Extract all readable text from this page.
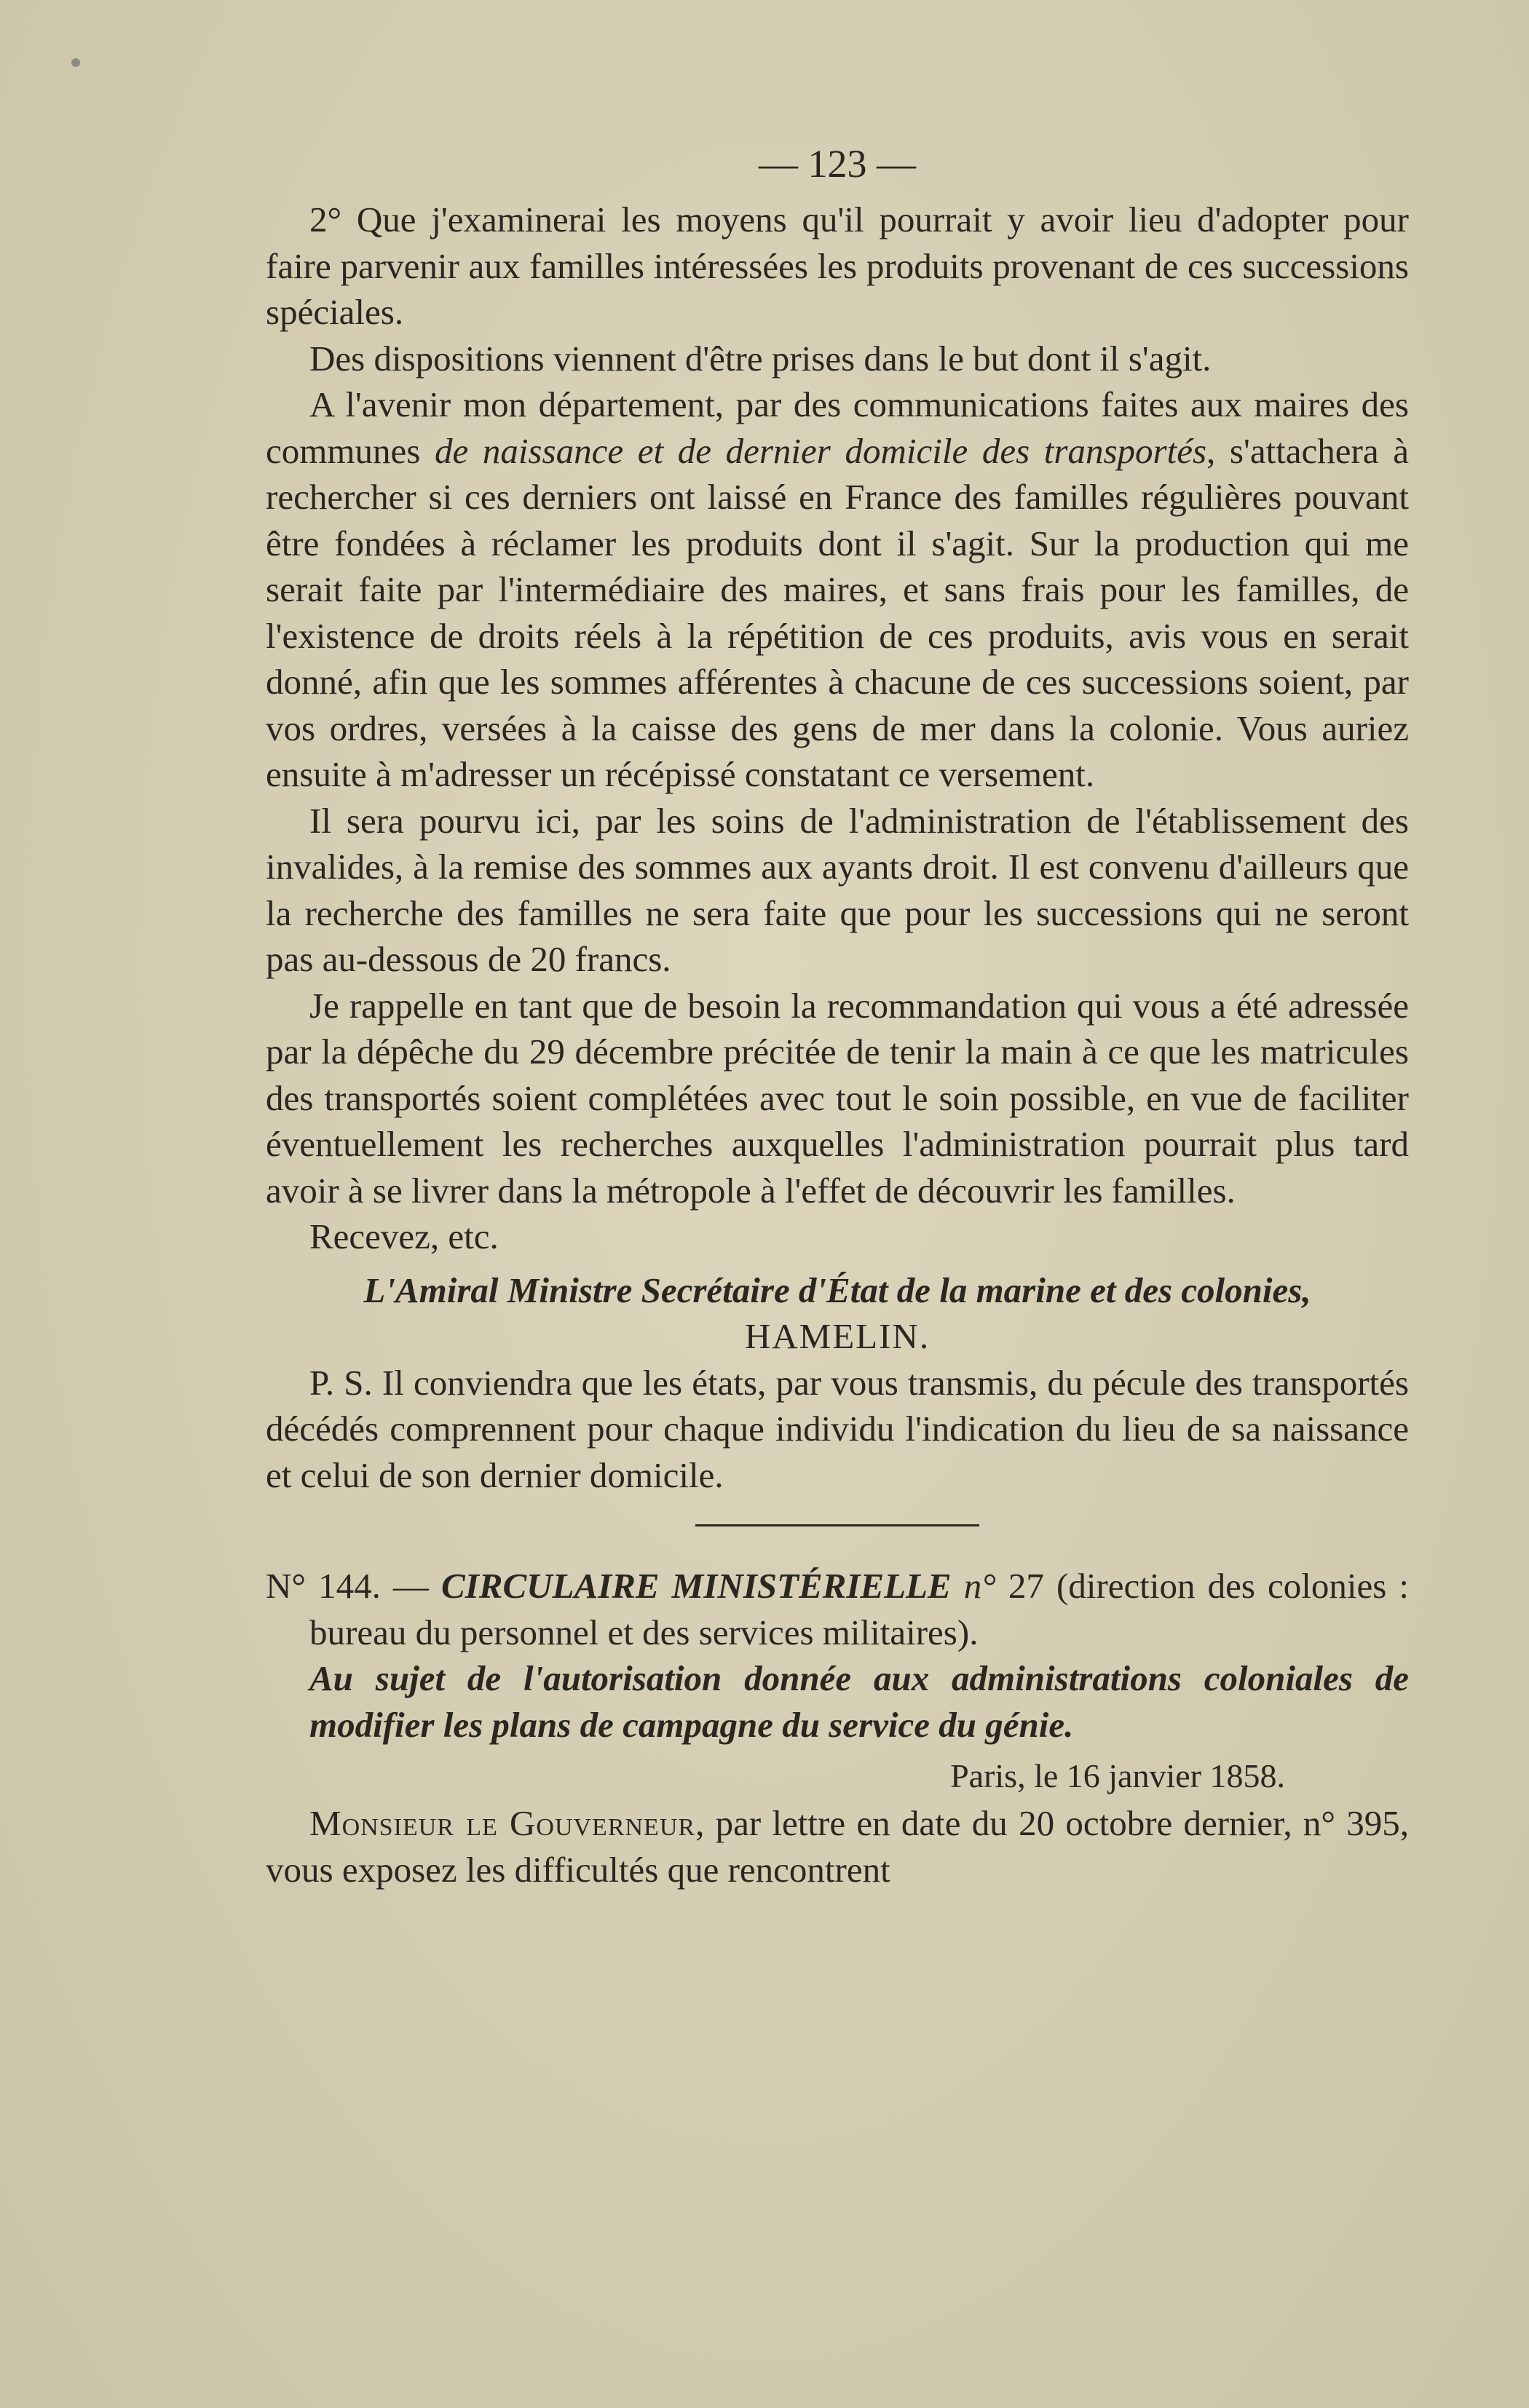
— 123 —

2° Que j'examinerai les moyens qu'il pourrait y avoir lieu d'adopter pour faire parvenir aux familles intéressées les produits provenant de ces successions spéciales.

Des dispositions viennent d'être prises dans le but dont il s'agit.

A l'avenir mon département, par des communications faites aux maires des communes de naissance et de dernier domicile des transportés, s'attachera à rechercher si ces derniers ont laissé en France des familles régulières pouvant être fondées à réclamer les produits dont il s'agit. Sur la production qui me serait faite par l'intermédiaire des maires, et sans frais pour les familles, de l'existence de droits réels à la répétition de ces produits, avis vous en serait donné, afin que les sommes afférentes à chacune de ces successions soient, par vos ordres, versées à la caisse des gens de mer dans la colonie. Vous auriez ensuite à m'adresser un récépissé constatant ce versement.

Il sera pourvu ici, par les soins de l'administration de l'établissement des invalides, à la remise des sommes aux ayants droit. Il est convenu d'ailleurs que la recherche des familles ne sera faite que pour les successions qui ne seront pas au-dessous de 20 francs.

Je rappelle en tant que de besoin la recommandation qui vous a été adressée par la dépêche du 29 décembre précitée de tenir la main à ce que les matricules des transportés soient complétées avec tout le soin possible, en vue de faciliter éventuellement les recherches auxquelles l'administration pourrait plus tard avoir à se livrer dans la métropole à l'effet de découvrir les familles.

Recevez, etc.

L'Amiral Ministre Secrétaire d'État de la marine et des colonies,

HAMELIN.

P. S. Il conviendra que les états, par vous transmis, du pécule des transportés décédés comprennent pour chaque individu l'indication du lieu de sa naissance et celui de son dernier domicile.

N° 144. — CIRCULAIRE MINISTÉRIELLE n° 27 (direction des colonies : bureau du personnel et des services militaires).

Au sujet de l'autorisation donnée aux administrations coloniales de modifier les plans de campagne du service du génie.

Paris, le 16 janvier 1858.

Monsieur le Gouverneur, par lettre en date du 20 octobre dernier, n° 395, vous exposez les difficultés que rencontrent
